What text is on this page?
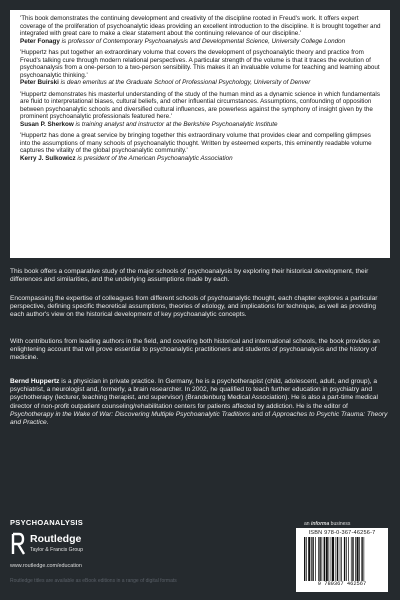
'This book demonstrates the continuing development and creativity of the discipline rooted in Freud's work. It offers expert coverage of the proliferation of psychoanalytic ideas providing an excellent introduction to the discipline. It is brought together and integrated with great care to make a clear statement about the continuing relevance of our discipline.'

Peter Fonagy is professor of Contemporary Psychoanalysis and Developmental Science, University College London

'Huppertz has put together an extraordinary volume that covers the development of psychoanalytic theory and practice from Freud's talking cure through modern relational perspectives. A particular strength of the volume is that it traces the evolution of psychoanalysis from a one-person to a two-person sensibility. This makes it an invaluable volume for teaching and learning about psychoanalytic thinking.'

Peter Buirski is dean emeritus at the Graduate School of Professional Psychology, University of Denver

'Huppertz demonstrates his masterful understanding of the study of the human mind as a dynamic science in which fundamentals are fluid to interpretational biases, cultural beliefs, and other influential circumstances. Assumptions, confounding of opposition between psychoanalytic schools and diversified cultural influences, are powerless against the symphony of insight given by the prominent psychoanalytic professionals featured here.'

Susan P. Sherkow is training analyst and instructor at the Berkshire Psychoanalytic Institute

'Huppertz has done a great service by bringing together this extraordinary volume that provides clear and compelling glimpses into the assumptions of many schools of psychoanalytic thought. Written by esteemed experts, this eminently readable volume captures the vitality of the global psychoanalytic community.'

Kerry J. Sulkowicz is president of the American Psychoanalytic Association

This book offers a comparative study of the major schools of psychoanalysis by exploring their historical development, their differences and similarities, and the underlying assumptions made by each.

Encompassing the expertise of colleagues from different schools of psychoanalytic thought, each chapter explores a particular perspective, defining specific theoretical assumptions, theories of etiology, and implications for technique, as well as providing each author's view on the historical development of key psychoanalytic concepts.

With contributions from leading authors in the field, and covering both historical and international schools, the book provides an enlightening account that will prove essential to psychoanalytic practitioners and students of psychoanalysis and the history of medicine.

Bernd Huppertz is a physician in private practice. In Germany, he is a psychotherapist (child, adolescent, adult, and group), a psychiatrist, a neurologist and, formerly, a brain researcher. In 2002, he qualified to teach further education in psychiatry and psychotherapy (lecturer, teaching therapist, and supervisor) (Brandenburg Medical Association). He is also a part-time medical director of non-profit outpatient counseling/rehabilitation centers for patients affected by addiction. He is the editor of Psychotherapy in the Wake of War: Discovering Multiple Psychoanalytic Traditions and of Approaches to Psychic Trauma: Theory and Practice.

PSYCHOANALYSIS
Routledge
Taylor & Francis Group
www.routledge.com/education
Routledge titles are available as eBook editions in a range of digital formats
an informa business
ISBN 978-0-367-46256-7
9 780367 462567
